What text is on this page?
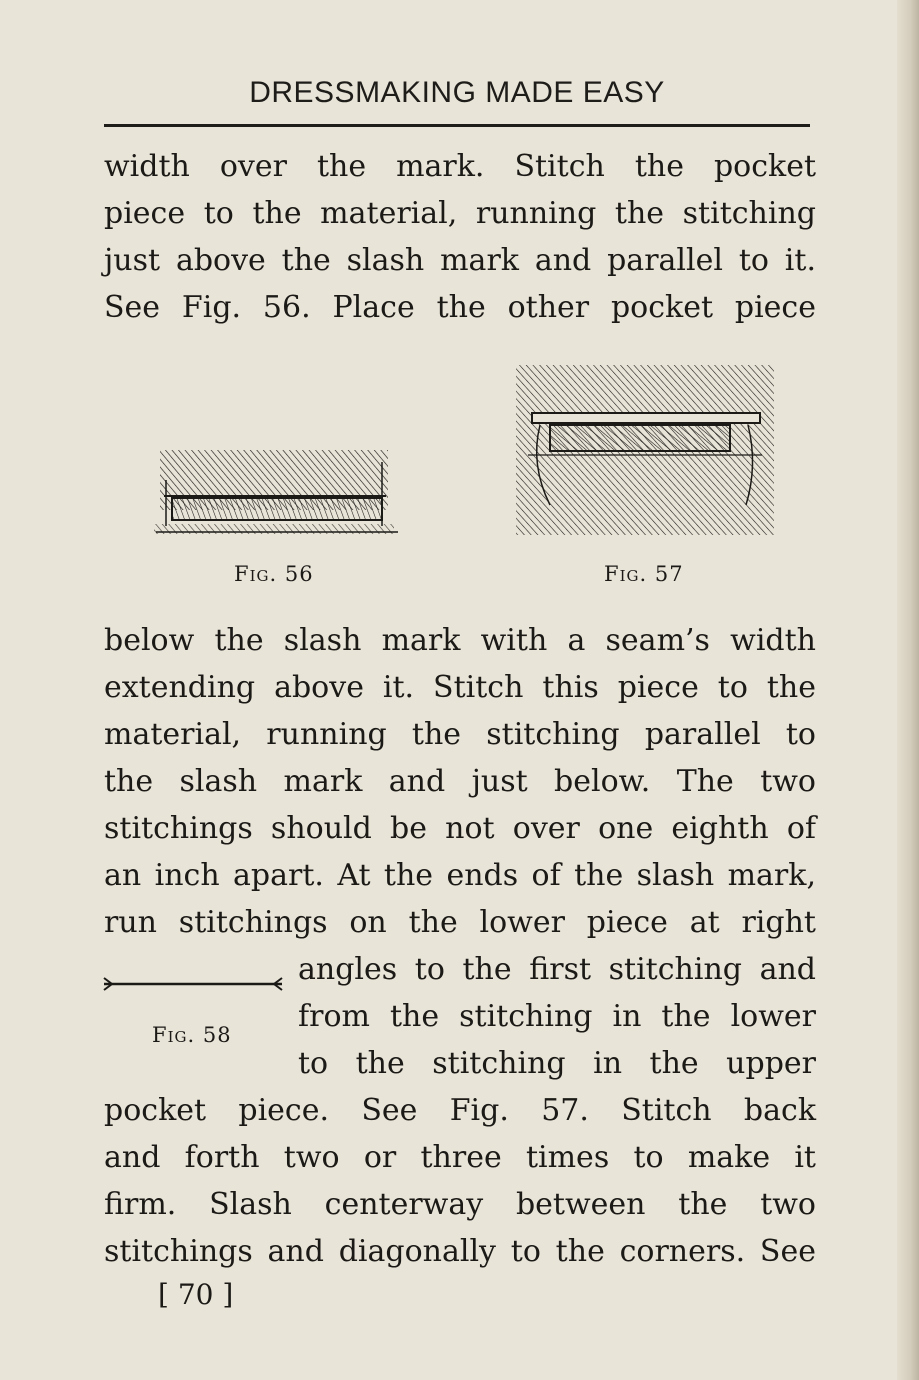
DRESSMAKING MADE EASY
width over the mark. Stitch the pocket
piece to the material, running the stitching
just above the slash mark and parallel to it.
See Fig. 56. Place the other pocket piece
Fig. 56	Fig. 57
below the slash mark with a seam’s width
extending above it. Stitch this piece to the
material, running the stitching parallel to
the slash mark and just below. The two
stitchings should be not over one eighth of
an inch apart. At the ends of the slash mark,
run stitchings on the lower piece at right
Fig. 58
angles to the first stitching and
from the stitching in the lower
to the stitching in the upper
pocket piece. See Fig. 57. Stitch back
and forth two or three times to make it
firm. Slash centerway between the two
stitchings and diagonally to the corners. See
[ 70 ]
